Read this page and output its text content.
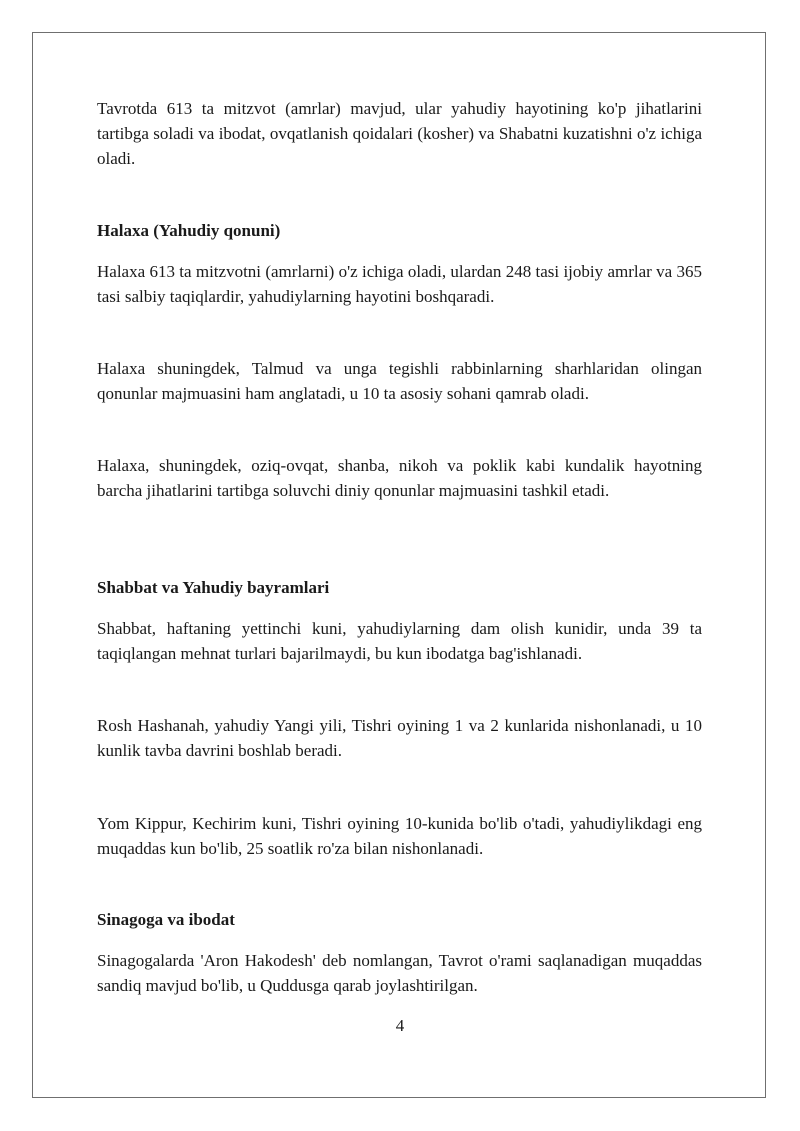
Tavrotda 613 ta mitzvot (amrlar) mavjud, ular yahudiy hayotining ko'p jihatlarini tartibga soladi va ibodat, ovqatlanish qoidalari (kosher) va Shabatni kuzatishni o'z ichiga oladi.

Halaxa (Yahudiy qonuni)

Halaxa 613 ta mitzvotni (amrlarni) o'z ichiga oladi, ulardan 248 tasi ijobiy amrlar va 365 tasi salbiy taqiqlardir, yahudiylarning hayotini boshqaradi.

Halaxa shuningdek, Talmud va unga tegishli rabbinlarning sharhlaridan olingan qonunlar majmuasini ham anglatadi, u 10 ta asosiy sohani qamrab oladi.

Halaxa, shuningdek, oziq-ovqat, shanba, nikoh va poklik kabi kundalik hayotning barcha jihatlarini tartibga soluvchi diniy qonunlar majmuasini tashkil etadi.

Shabbat va Yahudiy bayramlari

Shabbat, haftaning yettinchi kuni, yahudiylarning dam olish kunidir, unda 39 ta taqiqlangan mehnat turlari bajarilmaydi, bu kun ibodatga bag'ishlanadi.

Rosh Hashanah, yahudiy Yangi yili, Tishri oyining 1 va 2 kunlarida nishonlanadi, u 10 kunlik tavba davrini boshlab beradi.

Yom Kippur, Kechirim kuni, Tishri oyining 10-kunida bo'lib o'tadi, yahudiylikdagi eng muqaddas kun bo'lib, 25 soatlik ro'za bilan nishonlanadi.

Sinagoga va ibodat

Sinagogalarda 'Aron Hakodesh' deb nomlangan, Tavrot o'rami saqlanadigan muqaddas sandiq mavjud bo'lib, u Quddusga qarab joylashtirilgan.

4
